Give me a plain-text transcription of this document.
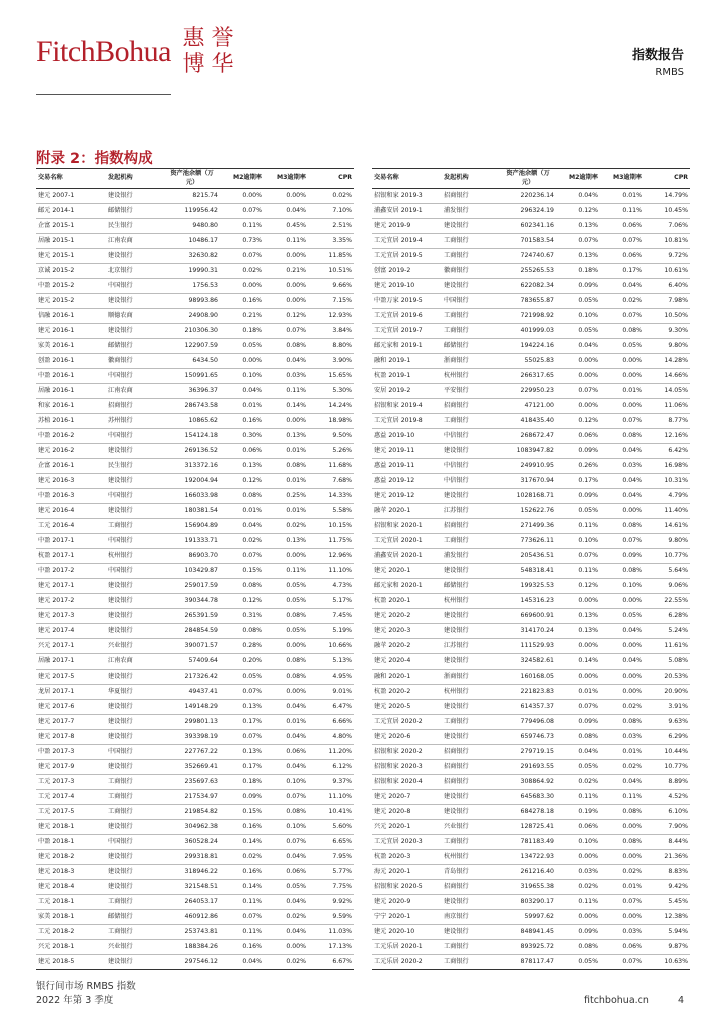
FitchBohua 惠 誉
博 华	指数报告
RMBS
附录 2：指数构成
交易名称	发起机构	资产池余额（万元）	M2逾期率	M3逾期率	CPR
建元 2007-1	建设银行	8215.74	0.00%	0.00%	0.02%
邮元 2014-1	邮储银行	119956.42	0.07%	0.04%	7.10%
企富 2015-1	民生银行	9480.80	0.11%	0.45%	2.51%
居融 2015-1	江南农商	10486.17	0.73%	0.11%	3.35%
建元 2015-1	建设银行	32630.82	0.07%	0.00%	11.85%
京诚 2015-2	北京银行	19990.31	0.02%	0.21%	10.51%
中盈 2015-2	中国银行	1756.53	0.00%	0.00%	9.66%
建元 2015-2	建设银行	98993.86	0.16%	0.00%	7.15%
信融 2016-1	顺德农商	24908.90	0.21%	0.12%	12.93%
建元 2016-1	建设银行	210306.30	0.18%	0.07%	3.84%
家美 2016-1	邮储银行	122907.59	0.05%	0.08%	8.80%
创盈 2016-1	徽商银行	6434.50	0.00%	0.04%	3.90%
中盈 2016-1	中国银行	150991.65	0.10%	0.03%	15.65%
居融 2016-1	江南农商	36396.37	0.04%	0.11%	5.30%
和家 2016-1	招商银行	286743.58	0.01%	0.14%	14.24%
苏植 2016-1	苏州银行	10865.62	0.16%	0.00%	18.98%
中盈 2016-2	中国银行	154124.18	0.30%	0.13%	9.50%
建元 2016-2	建设银行	269136.52	0.06%	0.01%	5.26%
企富 2016-1	民生银行	313372.16	0.13%	0.08%	11.68%
建元 2016-3	建设银行	192004.94	0.12%	0.01%	7.68%
中盈 2016-3	中国银行	166033.98	0.08%	0.25%	14.33%
建元 2016-4	建设银行	180381.54	0.01%	0.01%	5.58%
工元 2016-4	工商银行	156904.89	0.04%	0.02%	10.15%
中盈 2017-1	中国银行	191333.71	0.02%	0.13%	11.75%
杭盈 2017-1	杭州银行	86903.70	0.07%	0.00%	12.96%
中盈 2017-2	中国银行	103429.87	0.15%	0.11%	11.10%
建元 2017-1	建设银行	259017.59	0.08%	0.05%	4.73%
建元 2017-2	建设银行	390344.78	0.12%	0.05%	5.17%
建元 2017-3	建设银行	265391.59	0.31%	0.08%	7.45%
建元 2017-4	建设银行	284854.59	0.08%	0.05%	5.19%
兴元 2017-1	兴业银行	390071.57	0.28%	0.00%	10.66%
居融 2017-1	江南农商	57409.64	0.20%	0.08%	5.13%
建元 2017-5	建设银行	217326.42	0.05%	0.08%	4.95%
龙居 2017-1	华夏银行	49437.41	0.07%	0.00%	9.01%
建元 2017-6	建设银行	149148.29	0.13%	0.04%	6.47%
建元 2017-7	建设银行	299801.13	0.17%	0.01%	6.66%
建元 2017-8	建设银行	393398.19	0.07%	0.04%	4.80%
中盈 2017-3	中国银行	227767.22	0.13%	0.06%	11.20%
建元 2017-9	建设银行	352669.41	0.17%	0.04%	6.12%
工元 2017-3	工商银行	235697.63	0.18%	0.10%	9.37%
工元 2017-4	工商银行	217534.97	0.09%	0.07%	11.10%
工元 2017-5	工商银行	219854.82	0.15%	0.08%	10.41%
建元 2018-1	建设银行	304962.38	0.16%	0.10%	5.60%
中盈 2018-1	中国银行	360528.24	0.14%	0.07%	6.65%
建元 2018-2	建设银行	299318.81	0.02%	0.04%	7.95%
建元 2018-3	建设银行	318946.22	0.16%	0.06%	5.77%
建元 2018-4	建设银行	321548.51	0.14%	0.05%	7.75%
工元 2018-1	工商银行	264053.17	0.11%	0.04%	9.92%
家美 2018-1	邮储银行	460912.86	0.07%	0.02%	9.59%
工元 2018-2	工商银行	253743.81	0.11%	0.04%	11.03%
兴元 2018-1	兴业银行	188384.26	0.16%	0.00%	17.13%
建元 2018-5	建设银行	297546.12	0.04%	0.02%	6.67%
交易名称	发起机构	资产池余额（万元）	M2逾期率	M3逾期率	CPR
招银和家 2019-3	招商银行	220236.14	0.04%	0.01%	14.79%
浦鑫安居 2019-1	浦发银行	296324.19	0.12%	0.11%	10.45%
建元 2019-9	建设银行	602341.16	0.13%	0.06%	7.06%
工元宜居 2019-4	工商银行	701583.54	0.07%	0.07%	10.81%
工元宜居 2019-5	工商银行	724740.67	0.13%	0.06%	9.72%
创富 2019-2	徽商银行	255265.53	0.18%	0.17%	10.61%
建元 2019-10	建设银行	622082.34	0.09%	0.04%	6.40%
中盈万家 2019-5	中国银行	783655.87	0.05%	0.02%	7.98%
工元宜居 2019-6	工商银行	721998.92	0.10%	0.07%	10.50%
工元宜居 2019-7	工商银行	401999.03	0.05%	0.08%	9.30%
邮元家和 2019-1	邮储银行	194224.16	0.04%	0.05%	9.80%
融和 2019-1	浙商银行	55025.83	0.00%	0.00%	14.28%
杭盈 2019-1	杭州银行	266317.65	0.00%	0.00%	14.66%
安居 2019-2	平安银行	229950.23	0.07%	0.01%	14.05%
招银和家 2019-4	招商银行	47121.00	0.00%	0.00%	11.06%
工元宜居 2019-8	工商银行	418435.40	0.12%	0.07%	8.77%
惠益 2019-10	中信银行	268672.47	0.06%	0.08%	12.16%
建元 2019-11	建设银行	1083947.82	0.09%	0.04%	6.42%
惠益 2019-11	中信银行	249910.95	0.26%	0.03%	16.98%
惠益 2019-12	中信银行	317670.94	0.17%	0.04%	10.31%
建元 2019-12	建设银行	1028168.71	0.09%	0.04%	4.79%
融苹 2020-1	江苏银行	152622.76	0.05%	0.00%	11.40%
招银和家 2020-1	招商银行	271499.36	0.11%	0.08%	14.61%
工元宜居 2020-1	工商银行	773626.11	0.10%	0.07%	9.80%
浦鑫安居 2020-1	浦发银行	205436.51	0.07%	0.09%	10.77%
建元 2020-1	建设银行	548318.41	0.11%	0.08%	5.64%
邮元家和 2020-1	邮储银行	199325.53	0.12%	0.10%	9.06%
杭盈 2020-1	杭州银行	145316.23	0.00%	0.00%	22.55%
建元 2020-2	建设银行	669600.91	0.13%	0.05%	6.28%
建元 2020-3	建设银行	314170.24	0.13%	0.04%	5.24%
融苹 2020-2	江苏银行	111529.93	0.00%	0.00%	11.61%
建元 2020-4	建设银行	324582.61	0.14%	0.04%	5.08%
融和 2020-1	浙商银行	160168.05	0.00%	0.00%	20.53%
杭盈 2020-2	杭州银行	221823.83	0.01%	0.00%	20.90%
建元 2020-5	建设银行	614357.37	0.07%	0.02%	3.91%
工元宜居 2020-2	工商银行	779496.08	0.09%	0.08%	9.63%
建元 2020-6	建设银行	659746.73	0.08%	0.03%	6.29%
招银和家 2020-2	招商银行	279719.15	0.04%	0.01%	10.44%
招银和家 2020-3	招商银行	291693.55	0.05%	0.02%	10.77%
招银和家 2020-4	招商银行	308864.92	0.02%	0.04%	8.89%
建元 2020-7	建设银行	645683.30	0.11%	0.11%	4.52%
建元 2020-8	建设银行	684278.18	0.19%	0.08%	6.10%
兴元 2020-1	兴业银行	128725.41	0.06%	0.00%	7.90%
工元宜居 2020-3	工商银行	781183.49	0.10%	0.08%	8.44%
杭盈 2020-3	杭州银行	134722.93	0.00%	0.00%	21.36%
海元 2020-1	青岛银行	261216.40	0.03%	0.02%	8.83%
招银和家 2020-5	招商银行	319655.38	0.02%	0.01%	9.42%
建元 2020-9	建设银行	803290.17	0.11%	0.07%	5.45%
宁宁 2020-1	南京银行	59997.62	0.00%	0.00%	12.38%
建元 2020-10	建设银行	848941.45	0.09%	0.03%	5.94%
工元乐居 2020-1	工商银行	893925.72	0.08%	0.06%	9.87%
工元乐居 2020-2	工商银行	878117.47	0.05%	0.07%	10.63%
银行间市场 RMBS 指数
2022 年第 3 季度	fitchbohua.cn	4
